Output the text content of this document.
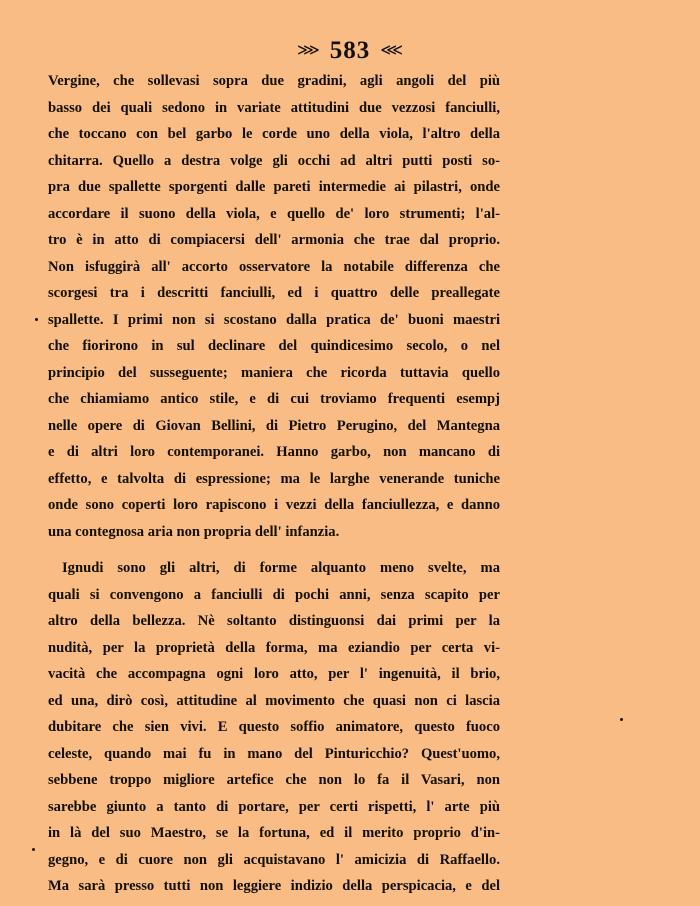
⋙ 583 ⋘
Vergine, che sollevasi sopra due gradini, agli angoli del più
basso dei quali sedono in variate attitudini due vezzosi fanciulli,
che toccano con bel garbo le corde uno della viola, l'altro della
chitarra. Quello a destra volge gli occhi ad altri putti posti so-
pra due spallette sporgenti dalle pareti intermedie ai pilastri, onde
accordare il suono della viola, e quello de' loro strumenti; l'al-
tro è in atto di compiacersi dell' armonia che trae dal proprio.
Non isfuggirà all' accorto osservatore la notabile differenza che
scorgesi tra i descritti fanciulli, ed i quattro delle preallegate
spallette. I primi non si scostano dalla pratica de' buoni maestri
che fiorirono in sul declinare del quindicesimo secolo, o nel
principio del susseguente; maniera che ricorda tuttavia quello
che chiamiamo antico stile, e di cui troviamo frequenti esempj
nelle opere di Giovan Bellini, di Pietro Perugino, del Mantegna
e di altri loro contemporanei. Hanno garbo, non mancano di
effetto, e talvolta di espressione; ma le larghe venerande tuniche
onde sono coperti loro rapiscono i vezzi della fanciullezza, e danno
una contegnosa aria non propria dell' infanzia.
Ignudi sono gli altri, di forme alquanto meno svelte, ma
quali si convengono a fanciulli di pochi anni, senza scapito per
altro della bellezza. Nè soltanto distinguonsi dai primi per la
nudità, per la proprietà della forma, ma eziandio per certa vi-
vacità che accompagna ogni loro atto, per l' ingenuità, il brio,
ed una, dirò così, attitudine al movimento che quasi non ci lascia
dubitare che sien vivi. E questo soffio animatore, questo fuoco
celeste, quando mai fu in mano del Pinturicchio? Quest'uomo,
sebbene troppo migliore artefice che non lo fa il Vasari, non
sarebbe giunto a tanto di portare, per certi rispetti, l' arte più
in là del suo Maestro, se la fortuna, ed il merito proprio d'in-
gegno, e di cuore non gli acquistavano l' amicizia di Raffaello.
Ma sarà presso tutti non leggiere indizio della perspicacia, e del
